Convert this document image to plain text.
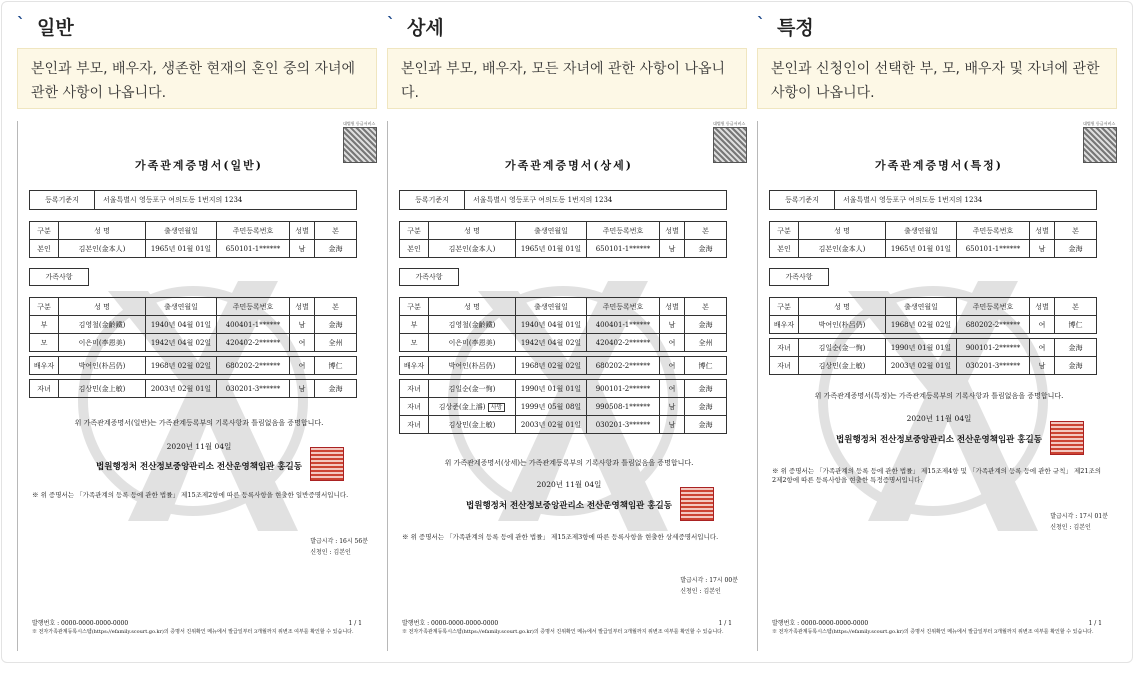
ˋ 일반
본인과 부모, 배우자, 생존한 현재의 혼인 중의 자녀에 관한 사항이 나옵니다.
대법원 등급서비스
가족관계증명서(일반)
등록기준지	서울특별시 영등포구 여의도동 1번지의 1234
구분	성 명	출생연월일	주민등록번호	성별	본
본인	김본인(金本人)	1965년 01월 01일	650101-1******	남	金海
가족사항
구분	성 명	출생연월일	주민등록번호	성별	본
부	김영철(金齡鐵)	1940년 04월 01일	400401-1******	남	金海
모	이은미(李恩美)	1942년 04월 02일	420402-2******	여	全州

배우자	박여인(朴呂仍)	1968년 02월 02일	680202-2******	여	博仁

자녀	김상민(金上敏)	2003년 02월 01일	030201-3******	남	金海
위 가족관계증명서(일반)는 가족관계등록부의 기록사항과 틀림없음을 증명합니다.
2020년 11월 04일
법원행정처 전산정보중앙관리소 전산운영책임관 홍길동
※ 위 증명서는 「가족관계의 등록 등에 관한 법률」 제15조제2항에 따른 등록사항을 현출한 일반증명서입니다.
발급시각 : 16시 56분
신청인 : 김본인
발행번호 : 0000-0000-0000-0000	1 / 1
※ 전자가족관계등록시스템(https://efamily.scourt.go.kr)의 증명서 진위확인 메뉴에서 발급일부터 3개월까지 위변조 여부를 확인할 수 있습니다.
ˋ 상세
본인과 부모, 배우자, 모든 자녀에 관한 사항이 나옵니다.
대법원 등급서비스
가족관계증명서(상세)
등록기준지	서울특별시 영등포구 여의도동 1번지의 1234
구분	성 명	출생연월일	주민등록번호	성별	본
본인	김본인(金本人)	1965년 01월 01일	650101-1******	남	金海
가족사항
구분	성 명	출생연월일	주민등록번호	성별	본
부	김영철(金齡鐵)	1940년 04월 01일	400401-1******	남	金海
모	이은미(李恩美)	1942년 04월 02일	420402-2******	여	全州

배우자	박여인(朴呂仍)	1968년 02월 02일	680202-2******	여	博仁

자녀	김일순(金一恂)	1990년 01월 01일	900101-2******	여	金海
자녀	김상준(金上濬) 사망	1999년 05월 08일	990508-1******	남	金海
자녀	김상민(金上敏)	2003년 02월 01일	030201-3******	남	金海
위 가족관계증명서(상세)는 가족관계등록부의 기록사항과 틀림없음을 증명합니다.
2020년 11월 04일
법원행정처 전산정보중앙관리소 전산운영책임관 홍길동
※ 위 증명서는 「가족관계의 등록 등에 관한 법률」 제15조제3항에 따른 등록사항을 현출한 상세증명서입니다.
발급시각 : 17시 00분
신청인 : 김본인
발행번호 : 0000-0000-0000-0000	1 / 1
※ 전자가족관계등록시스템(https://efamily.scourt.go.kr)의 증명서 진위확인 메뉴에서 발급일부터 3개월까지 위변조 여부를 확인할 수 있습니다.
ˋ 특정
본인과 신청인이 선택한 부, 모, 배우자 및 자녀에 관한 사항이 나옵니다.
대법원 등급서비스
가족관계증명서(특정)
등록기준지	서울특별시 영등포구 여의도동 1번지의 1234
구분	성 명	출생연월일	주민등록번호	성별	본
본인	김본인(金本人)	1965년 01월 01일	650101-1******	남	金海
가족사항
구분	성 명	출생연월일	주민등록번호	성별	본
배우자	박여인(朴呂仍)	1968년 02월 02일	680202-2******	여	博仁

자녀	김일순(金一恂)	1990년 01월 01일	900101-2******	여	金海
자녀	김상민(金上敏)	2003년 02월 01일	030201-3******	남	金海
위 가족관계증명서(특정)는 가족관계등록부의 기록사항과 틀림없음을 증명합니다.
2020년 11월 04일
법원행정처 전산정보중앙관리소 전산운영책임관 홍길동
※ 위 증명서는 「가족관계의 등록 등에 관한 법률」 제15조제4항 및 「가족관계의 등록 등에 관한 규칙」 제21조의2제2항에 따른 등록사항을 현출한 특정증명서입니다.
발급시각 : 17시 01분
신청인 : 김본인
발행번호 : 0000-0000-0000-0000	1 / 1
※ 전자가족관계등록시스템(https://efamily.scourt.go.kr)의 증명서 진위확인 메뉴에서 발급일부터 3개월까지 위변조 여부를 확인할 수 있습니다.
